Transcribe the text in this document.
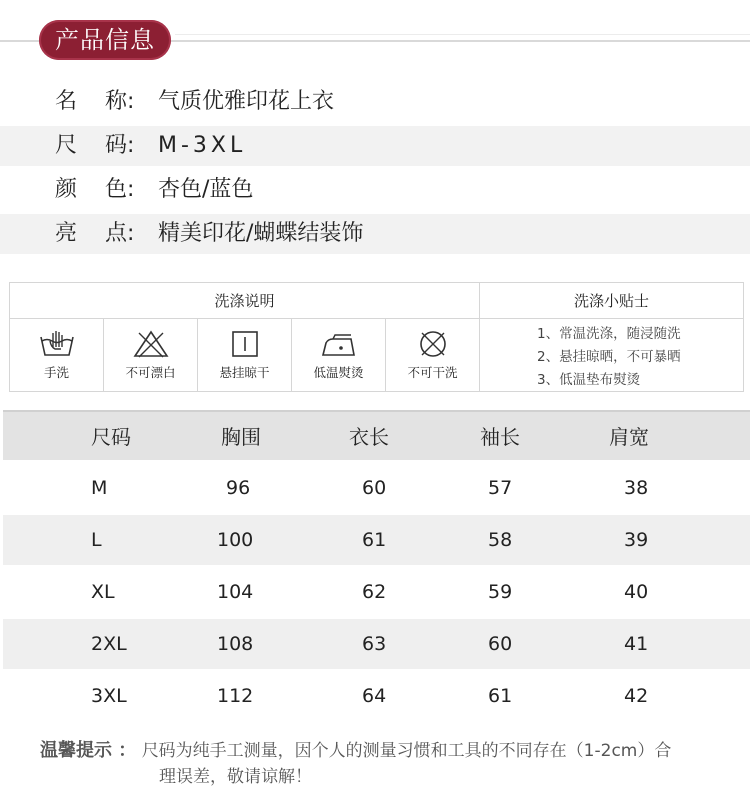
产品信息
名 称: 气质优雅印花上衣
尺 码: M-3XL
颜 色: 杏色/蓝色
亮 点: 精美印花/蝴蝶结装饰
洗涤说明	洗涤小贴士
手洗	不可漂白	悬挂晾干	低温熨烫	不可干洗
1、常温洗涤，随浸随洗
2、悬挂晾晒，不可暴晒
3、低温垫布熨烫
尺码	胸围	衣长	袖长	肩宽
M	96	60	57	38
L	100	61	58	39
XL	104	62	59	40
2XL	108	63	60	41
3XL	112	64	61	42
温馨提示 ： 尺码为纯手工测量，因个人的测量习惯和工具的不同存在（1-2cm）合
理误差，敬请谅解！
